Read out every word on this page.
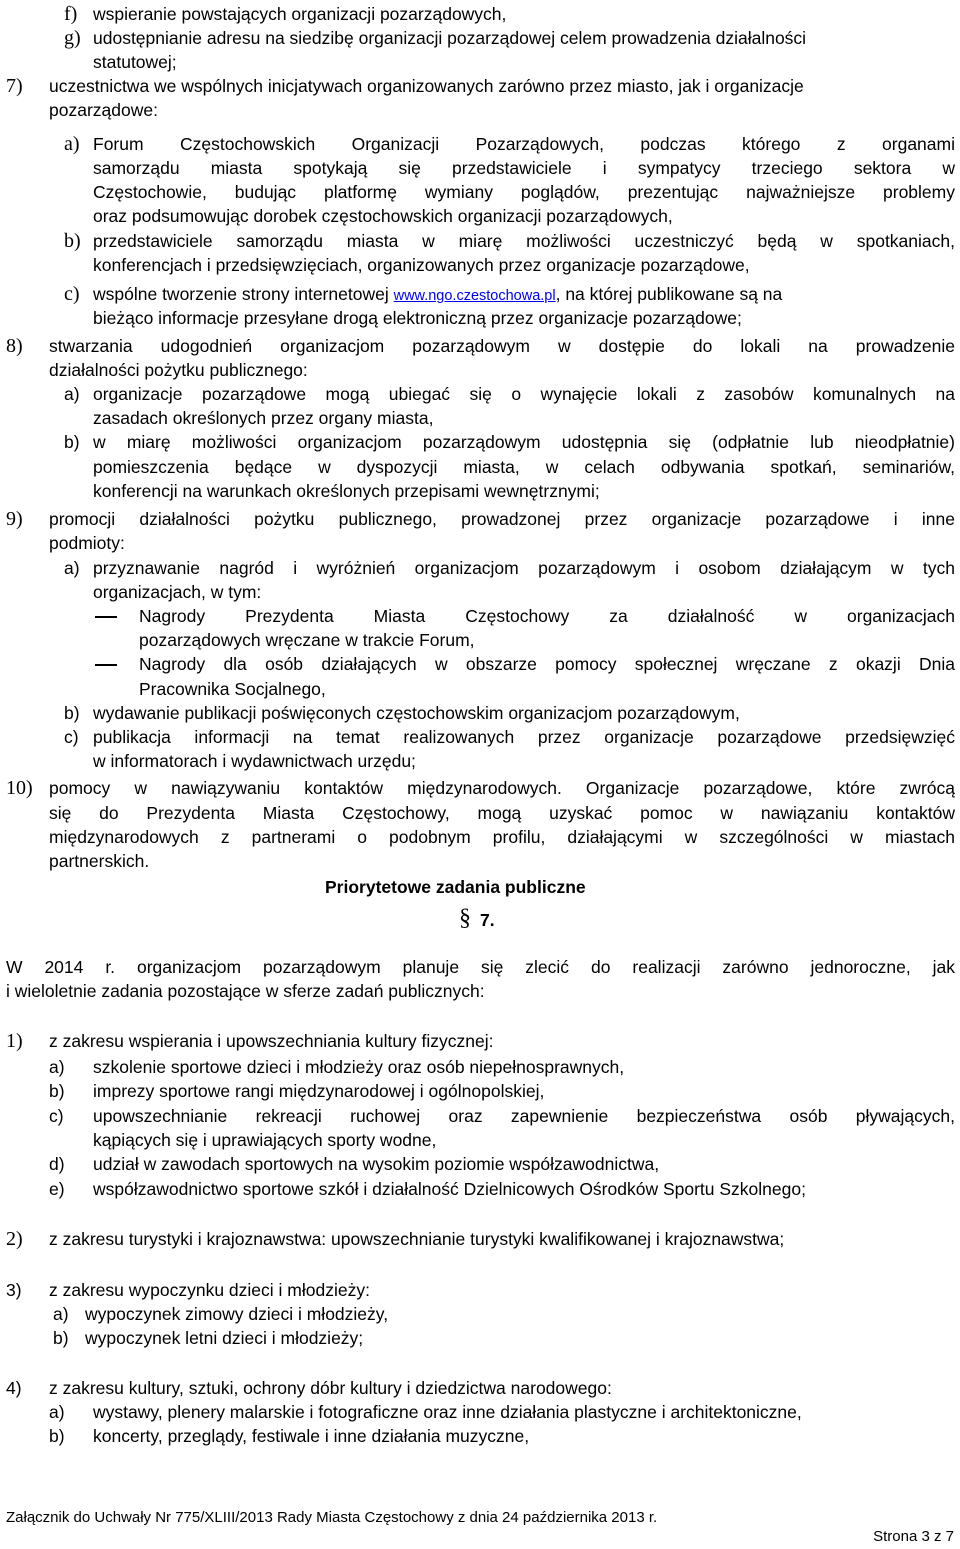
f) wspieranie powstających organizacji pozarządowych,
g) udostępnianie adresu na siedzibę organizacji pozarządowej celem prowadzenia działalności
statutowej;
7) uczestnictwa we wspólnych inicjatywach organizowanych zarówno przez miasto, jak i organizacje
pozarządowe:
a) Forum Częstochowskich Organizacji Pozarządowych, podczas którego z organami
samorządu miasta spotykają się przedstawiciele i sympatycy trzeciego sektora w
Częstochowie, budując platformę wymiany poglądów, prezentując najważniejsze problemy
oraz podsumowując dorobek częstochowskich organizacji pozarządowych,
b) przedstawiciele samorządu miasta w miarę możliwości uczestniczyć będą w spotkaniach,
konferencjach i przedsięwzięciach, organizowanych przez organizacje pozarządowe,
c) wspólne tworzenie strony internetowej www.ngo.czestochowa.pl, na której publikowane są na
bieżąco informacje przesyłane drogą elektroniczną przez organizacje pozarządowe;
8) stwarzania udogodnień organizacjom pozarządowym w dostępie do lokali na prowadzenie
działalności pożytku publicznego:
a) organizacje pozarządowe mogą ubiegać się o wynajęcie lokali z zasobów komunalnych na
zasadach określonych przez organy miasta,
b) w miarę możliwości organizacjom pozarządowym udostępnia się (odpłatnie lub nieodpłatnie)
pomieszczenia będące w dyspozycji miasta, w celach odbywania spotkań, seminariów,
konferencji na warunkach określonych przepisami wewnętrznymi;
9) promocji działalności pożytku publicznego, prowadzonej przez organizacje pozarządowe i inne
podmioty:
a) przyznawanie nagród i wyróżnień organizacjom pozarządowym i osobom działającym w tych
organizacjach, w tym:
Nagrody Prezydenta Miasta Częstochowy za działalność w organizacjach
pozarządowych wręczane w trakcie Forum,
Nagrody dla osób działających w obszarze pomocy społecznej wręczane z okazji Dnia
Pracownika Socjalnego,
b) wydawanie publikacji poświęconych częstochowskim organizacjom pozarządowym,
c) publikacja informacji na temat realizowanych przez organizacje pozarządowe przedsięwzięć
w informatorach i wydawnictwach urzędu;
10) pomocy w nawiązywaniu kontaktów międzynarodowych. Organizacje pozarządowe, które zwrócą
się do Prezydenta Miasta Częstochowy, mogą uzyskać pomoc w nawiązaniu kontaktów
międzynarodowych z partnerami o podobnym profilu, działającymi w szczególności w miastach
partnerskich.
Priorytetowe zadania publiczne
§ 7.
W 2014 r. organizacjom pozarządowym planuje się zlecić do realizacji zarówno jednoroczne, jak
i wieloletnie zadania pozostające w sferze zadań publicznych:
1) z zakresu wspierania i upowszechniania kultury fizycznej:
a) szkolenie sportowe dzieci i młodzieży oraz osób niepełnosprawnych,
b) imprezy sportowe rangi międzynarodowej i ogólnopolskiej,
c) upowszechnianie rekreacji ruchowej oraz zapewnienie bezpieczeństwa osób pływających,
kąpiących się i uprawiających sporty wodne,
d) udział w zawodach sportowych na wysokim poziomie współzawodnictwa,
e) współzawodnictwo sportowe szkół i działalność Dzielnicowych Ośrodków Sportu Szkolnego;
2) z zakresu turystyki i krajoznawstwa: upowszechnianie turystyki kwalifikowanej i krajoznawstwa;
3) z zakresu wypoczynku dzieci i młodzieży:
a) wypoczynek zimowy dzieci i młodzieży,
b) wypoczynek letni dzieci i młodzieży;
4) z zakresu kultury, sztuki, ochrony dóbr kultury i dziedzictwa narodowego:
a) wystawy, plenery malarskie i fotograficzne oraz inne działania plastyczne i architektoniczne,
b) koncerty, przeglądy, festiwale i inne działania muzyczne,
Załącznik do Uchwały Nr 775/XLIII/2013 Rady Miasta Częstochowy z dnia 24 października 2013 r.
Strona 3 z 7
